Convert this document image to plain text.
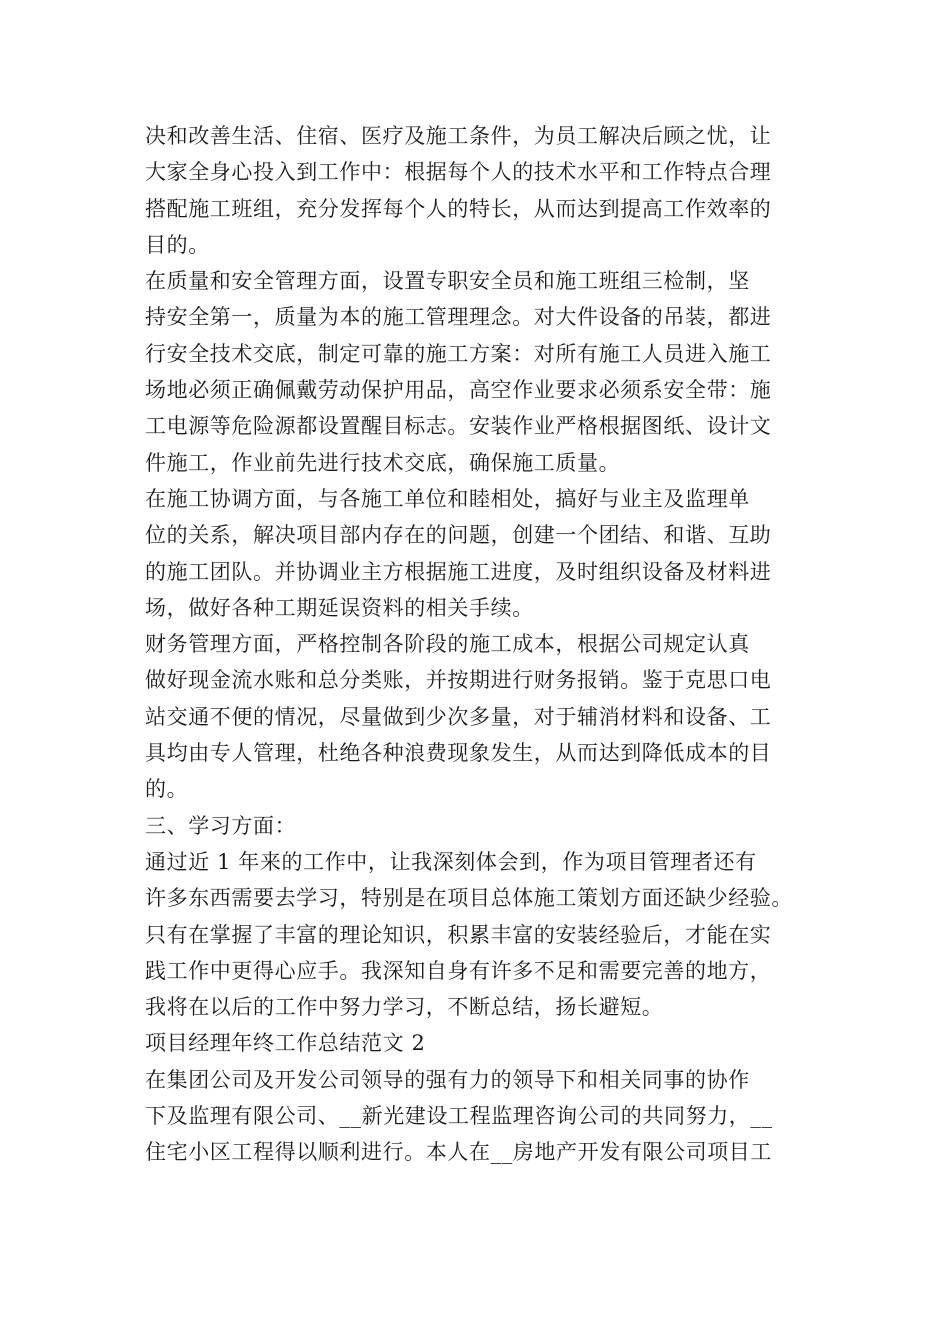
决和改善生活、住宿、医疗及施工条件，为员工解决后顾之忧，让
大家全身心投入到工作中：根据每个人的技术水平和工作特点合理
搭配施工班组，充分发挥每个人的特长，从而达到提高工作效率的
目的。

在质量和安全管理方面，设置专职安全员和施工班组三检制，坚
持安全第一，质量为本的施工管理理念。对大件设备的吊装，都进
行安全技术交底，制定可靠的施工方案：对所有施工人员进入施工
场地必须正确佩戴劳动保护用品，高空作业要求必须系安全带：施
工电源等危险源都设置醒目标志。安装作业严格根据图纸、设计文
件施工，作业前先进行技术交底，确保施工质量。

在施工协调方面，与各施工单位和睦相处，搞好与业主及监理单
位的关系，解决项目部内存在的问题，创建一个团结、和谐、互助
的施工团队。并协调业主方根据施工进度，及时组织设备及材料进
场，做好各种工期延误资料的相关手续。

财务管理方面，严格控制各阶段的施工成本，根据公司规定认真
做好现金流水账和总分类账，并按期进行财务报销。鉴于克思口电
站交通不便的情况，尽量做到少次多量，对于辅消材料和设备、工
具均由专人管理，杜绝各种浪费现象发生，从而达到降低成本的目
的。

三、学习方面：

通过近 1 年来的工作中，让我深刻体会到，作为项目管理者还有
许多东西需要去学习，特别是在项目总体施工策划方面还缺少经验。
只有在掌握了丰富的理论知识，积累丰富的安装经验后，才能在实
践工作中更得心应手。我深知自身有许多不足和需要完善的地方，
我将在以后的工作中努力学习，不断总结，扬长避短。

项目经理年终工作总结范文 2

在集团公司及开发公司领导的强有力的领导下和相关同事的协作
下及监理有限公司、__新光建设工程监理咨询公司的共同努力，__
住宅小区工程得以顺利进行。本人在__房地产开发有限公司项目工
